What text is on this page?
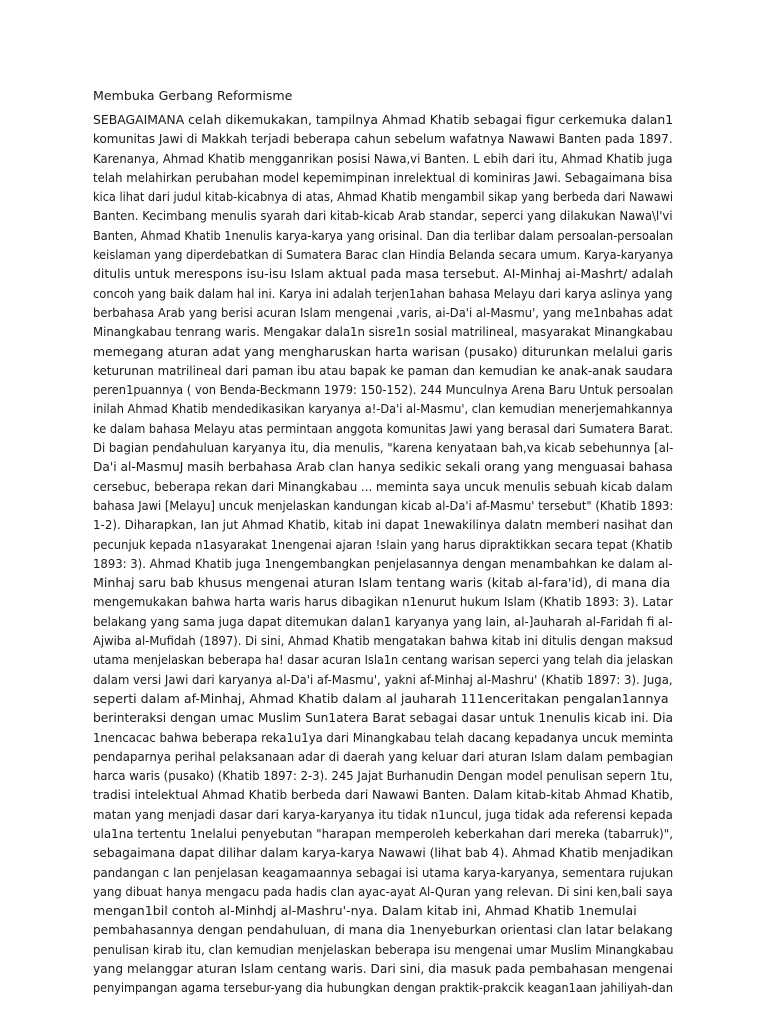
Membuka Gerbang Reformisme
SEBAGAIMANA celah dikemukakan, tampilnya Ahmad Khatib sebagai figur cerkemuka dalan1
komunitas Jawi di Makkah terjadi beberapa cahun sebelum wafatnya Nawawi Banten pada 1897.
Karenanya, Ahmad Khatib mengganrikan posisi Nawa,vi Banten. L ebih dari itu, Ahmad Khatib juga
telah melahirkan perubahan model kepemimpinan inrelektual di kominiras Jawi. Sebagaimana bisa
kica lihat dari judul kitab-kicabnya di atas, Ahmad Khatib mengambil sikap yang berbeda dari Nawawi
Banten. Kecimbang menulis syarah dari kitab-kicab Arab standar, seperci yang dilakukan Nawa\l'vi
Banten, Ahmad Khatib 1nenulis karya-karya yang orisinal. Dan dia terlibar dalam persoalan-persoalan
keislaman yang diperdebatkan di Sumatera Barac clan Hindia Belanda secara umum. Karya-karyanya
ditulis untuk merespons isu-isu Islam aktual pada masa tersebut. AI-Minhaj ai-Mashrt/ adalah
concoh yang baik dalam hal ini. Karya ini adalah terjen1ahan bahasa Melayu dari karya aslinya yang
berbahasa Arab yang berisi acuran Islam mengenai ,varis, ai-Da'i al-Masmu', yang me1nbahas adat
Minangkabau tenrang waris. Mengakar dala1n sisre1n sosial matrilineal, masyarakat Minangkabau
memegang aturan adat yang mengharuskan harta warisan (pusako) diturunkan melalui garis
keturunan matrilineal dari paman ibu atau bapak ke paman dan kemudian ke anak-anak saudara
peren1puannya ( von Benda-Beckmann 1979: 150-152). 244 Munculnya Arena Baru Untuk persoalan
inilah Ahmad Khatib mendedikasikan karyanya a!-Da'i al-Masmu', clan kemudian menerjemahkannya
ke dalam bahasa Melayu atas permintaan anggota komunitas Jawi yang berasal dari Sumatera Barat.
Di bagian pendahuluan karyanya itu, dia menulis, "karena kenyataan bah,va kicab sebehunnya [al-
Da'i al-MasmuJ masih berbahasa Arab clan hanya sedikic sekali orang yang menguasai bahasa
cersebuc, beberapa rekan dari Minangkabau ... meminta saya uncuk menulis sebuah kicab dalam
bahasa Jawi [Melayu] uncuk menjelaskan kandungan kicab al-Da'i af-Masmu' tersebut" (Khatib 1893:
1-2). Diharapkan, Ian jut Ahmad Khatib, kitab ini dapat 1newakilinya dalatn memberi nasihat dan
pecunjuk kepada n1asyarakat 1nengenai ajaran !slain yang harus dipraktikkan secara tepat (Khatib
1893: 3). Ahmad Khatib juga 1nengembangkan penjelasannya dengan menambahkan ke dalam al-
Minhaj saru bab khusus mengenai aturan Islam tentang waris (kitab al-fara'id), di mana dia
mengemukakan bahwa harta waris harus dibagikan n1enurut hukum Islam (Khatib 1893: 3). Latar
belakang yang sama juga dapat ditemukan dalan1 karyanya yang lain, al-]auharah al-Faridah fi al-
Ajwiba al-Mufidah (1897). Di sini, Ahmad Khatib mengatakan bahwa kitab ini ditulis dengan maksud
utama menjelaskan beberapa ha! dasar acuran Isla1n centang warisan seperci yang telah dia jelaskan
dalam versi Jawi dari karyanya al-Da'i af-Masmu', yakni af-Minhaj al-Mashru' (Khatib 1897: 3). Juga,
seperti dalam af-Minhaj, Ahmad Khatib dalam al jauharah 111enceritakan pengalan1annya
berinteraksi dengan umac Muslim Sun1atera Barat sebagai dasar untuk 1nenulis kicab ini. Dia
1nencacac bahwa beberapa reka1u1ya dari Minangkabau telah dacang kepadanya uncuk meminta
pendaparnya perihal pelaksanaan adar di daerah yang keluar dari aturan Islam dalam pembagian
harca waris (pusako) (Khatib 1897: 2-3). 245 Jajat Burhanudin Dengan model penulisan sepern 1tu,
tradisi intelektual Ahmad Khatib berbeda dari Nawawi Banten. Dalam kitab-kitab Ahmad Khatib,
matan yang menjadi dasar dari karya-karyanya itu tidak n1uncul, juga tidak ada referensi kepada
ula1na tertentu 1nelalui penyebutan "harapan memperoleh keberkahan dari mereka (tabarruk)",
sebagaimana dapat dilihar dalam karya-karya Nawawi (lihat bab 4). Ahmad Khatib menjadikan
pandangan c lan penjelasan keagamaannya sebagai isi utama karya-karyanya, sementara rujukan
yang dibuat hanya mengacu pada hadis clan ayac-ayat Al-Quran yang relevan. Di sini ken,bali saya
mengan1bil contoh al-Minhdj al-Mashru'-nya. Dalam kitab ini, Ahmad Khatib 1nemulai
pembahasannya dengan pendahuluan, di mana dia 1nenyeburkan orientasi clan latar belakang
penulisan kirab itu, clan kemudian menjelaskan beberapa isu mengenai umar Muslim Minangkabau
yang melanggar aturan Islam centang waris. Dari sini, dia masuk pada pembahasan mengenai
penyimpangan agama tersebur-yang dia hubungkan dengan praktik-prakcik keagan1aan jahiliyah-dan
